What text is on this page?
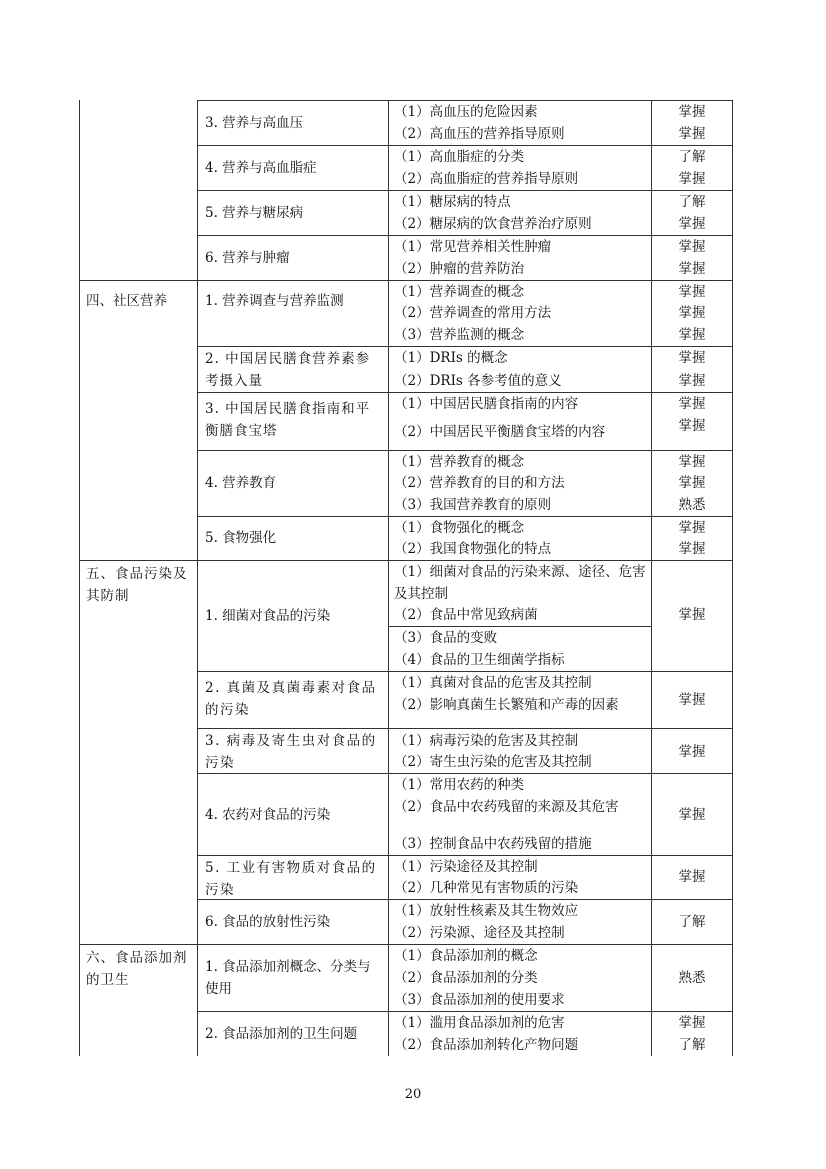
四、社区营养
五、食品污染及其防制
六、食品添加剂的卫生
3. 营养与高血压
（1）高血压的危险因素
（2）高血压的营养指导原则
掌握
掌握
4. 营养与高血脂症
（1）高血脂症的分类
（2）高血脂症的营养指导原则
了解
掌握
5. 营养与糖尿病
（1）糖尿病的特点
（2）糖尿病的饮食营养治疗原则
了解
掌握
6. 营养与肿瘤
（1）常见营养相关性肿瘤
（2）肿瘤的营养防治
掌握
掌握
1. 营养调查与营养监测
（1）营养调查的概念
（2）营养调查的常用方法
（3）营养监测的概念
掌握
掌握
掌握
2. 中国居民膳食营养素参考摄入量
（1）DRIs 的概念
（2）DRIs 各参考值的意义
掌握
掌握
3. 中国居民膳食指南和平衡膳食宝塔
（1）中国居民膳食指南的内容
（2）中国居民平衡膳食宝塔的内容
掌握
掌握
4. 营养教育
（1）营养教育的概念
（2）营养教育的目的和方法
（3）我国营养教育的原则
掌握
掌握
熟悉
5. 食物强化
（1）食物强化的概念
（2）我国食物强化的特点
掌握
掌握
1. 细菌对食品的污染
（1）细菌对食品的污染来源、途径、危害及其控制
（2）食品中常见致病菌
（3）食品的变败
（4）食品的卫生细菌学指标
掌握
2. 真菌及真菌毒素对食品的污染
（1）真菌对食品的危害及其控制
（2）影响真菌生长繁殖和产毒的因素	掌握
3. 病毒及寄生虫对食品的污染
（1）病毒污染的危害及其控制
（2）寄生虫污染的危害及其控制
掌握
4. 农药对食品的污染
（1）常用农药的种类
（2）食品中农药残留的来源及其危害
（3）控制食品中农药残留的措施
掌握
5. 工业有害物质对食品的污染
（1）污染途径及其控制
（2）几种常见有害物质的污染
掌握
6. 食品的放射性污染
（1）放射性核素及其生物效应
（2）污染源、途径及其控制
了解
1. 食品添加剂概念、分类与使用
（1）食品添加剂的概念
（2）食品添加剂的分类
（3）食品添加剂的使用要求
熟悉
2. 食品添加剂的卫生问题
（1）滥用食品添加剂的危害
（2）食品添加剂转化产物问题
掌握
了解
20
